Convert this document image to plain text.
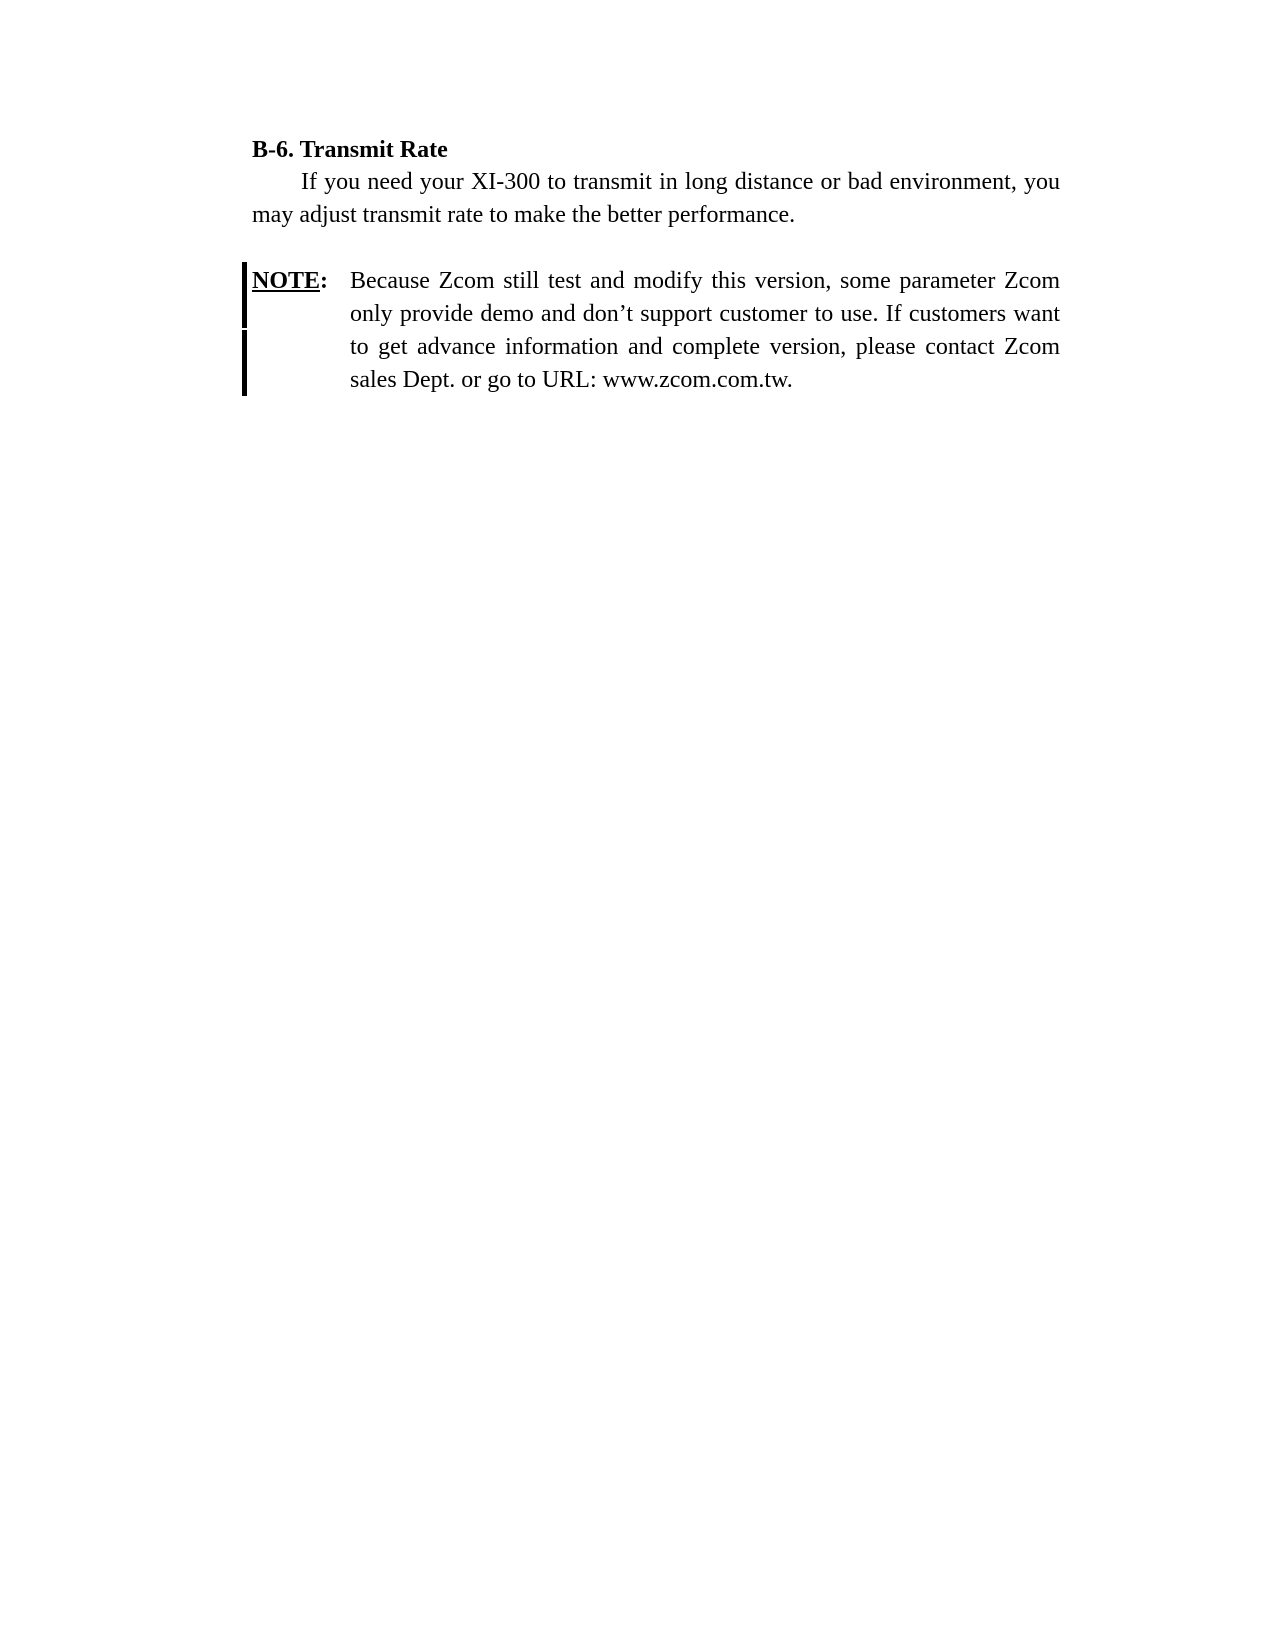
B-6. Transmit Rate

If you need your XI-300 to transmit in long distance or bad environment, you may adjust transmit rate to make the better performance.

NOTE: Because Zcom still test and modify this version, some parameter Zcom only provide demo and don’t support customer to use. If customers want to get advance information and complete version, please contact Zcom sales Dept. or go to URL: www.zcom.com.tw.
